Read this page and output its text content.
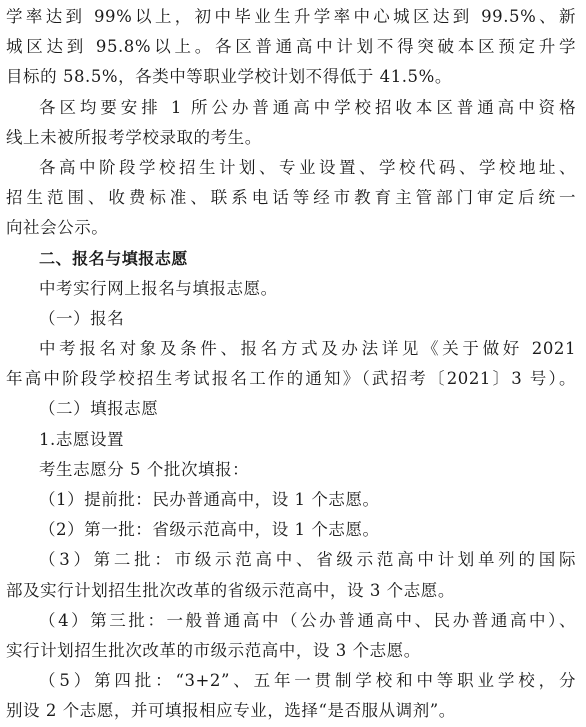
学率达到 99%以上，初中毕业生升学率中心城区达到 99.5%、新
城区达到 95.8%以上。各区普通高中计划不得突破本区预定升学
目标的 58.5%，各类中等职业学校计划不得低于 41.5%。
各区均要安排 1 所公办普通高中学校招收本区普通高中资格
线上未被所报考学校录取的考生。
各高中阶段学校招生计划、专业设置、学校代码、学校地址、
招生范围、收费标准、联系电话等经市教育主管部门审定后统一
向社会公示。
二、报名与填报志愿
中考实行网上报名与填报志愿。
（一）报名
中考报名对象及条件、报名方式及办法详见《关于做好 2021
年高中阶段学校招生考试报名工作的通知》（武招考〔2021〕3 号）。
（二）填报志愿
1.志愿设置
考生志愿分 5 个批次填报：
（1）提前批：民办普通高中，设 1 个志愿。
（2）第一批：省级示范高中，设 1 个志愿。
（3）第二批：市级示范高中、省级示范高中计划单列的国际
部及实行计划招生批次改革的省级示范高中，设 3 个志愿。
（4）第三批：一般普通高中（公办普通高中、民办普通高中）、
实行计划招生批次改革的市级示范高中，设 3 个志愿。
（5）第四批：“3+2”、五年一贯制学校和中等职业学校，分
别设 2 个志愿，并可填报相应专业，选择“是否服从调剂”。
